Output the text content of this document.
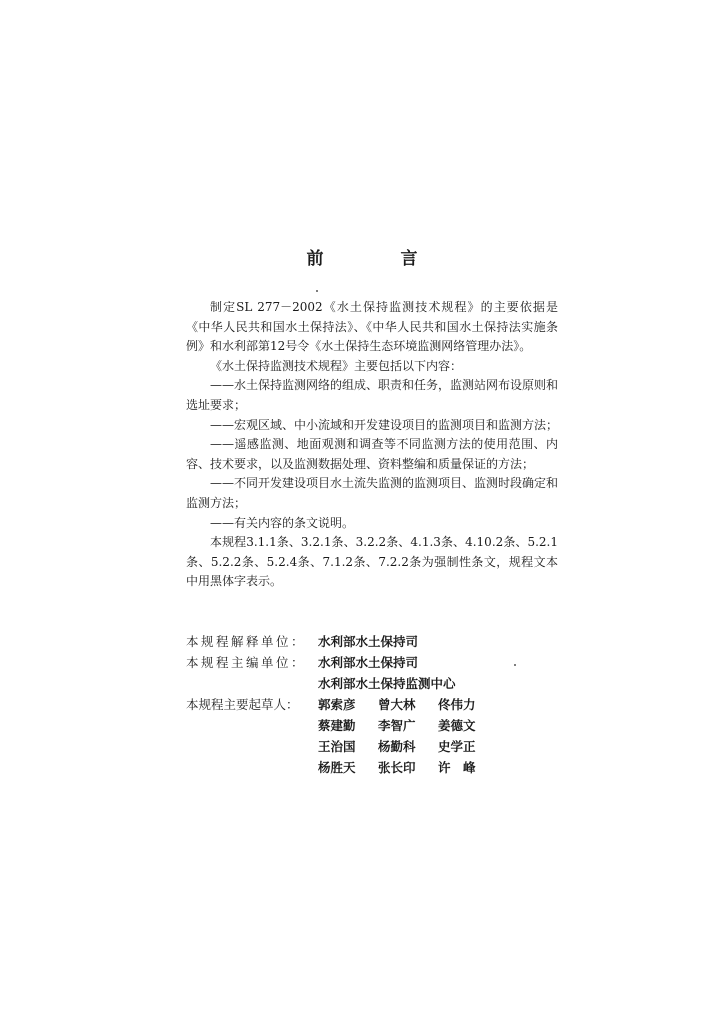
前　言

制定SL 277－2002《水土保持监测技术规程》的主要依据是《中华人民共和国水土保持法》、《中华人民共和国水土保持法实施条例》和水利部第12号令《水土保持生态环境监测网络管理办法》。

《水土保持监测技术规程》主要包括以下内容：

——水土保持监测网络的组成、职责和任务，监测站网布设原则和选址要求；

——宏观区域、中小流域和开发建设项目的监测项目和监测方法；

——遥感监测、地面观测和调查等不同监测方法的使用范围、内容、技术要求，以及监测数据处理、资料整编和质量保证的方法；

——不同开发建设项目水土流失监测的监测项目、监测时段确定和监测方法；

——有关内容的条文说明。

本规程3.1.1条、3.2.1条、3.2.2条、4.1.3条、4.10.2条、5.2.1条、5.2.2条、5.2.4条、7.1.2条、7.2.2条为强制性条文，规程文本中用黑体字表示。

本规程解释单位： 水利部水土保持司
本规程主编单位： 水利部水土保持司
水利部水土保持监测中心
本规程主要起草人：	郭索彦	曾大林	佟伟力
蔡建勤	李智广	姜德文
王治国	杨勤科	史学正
杨胜天	张长印	许　峰
